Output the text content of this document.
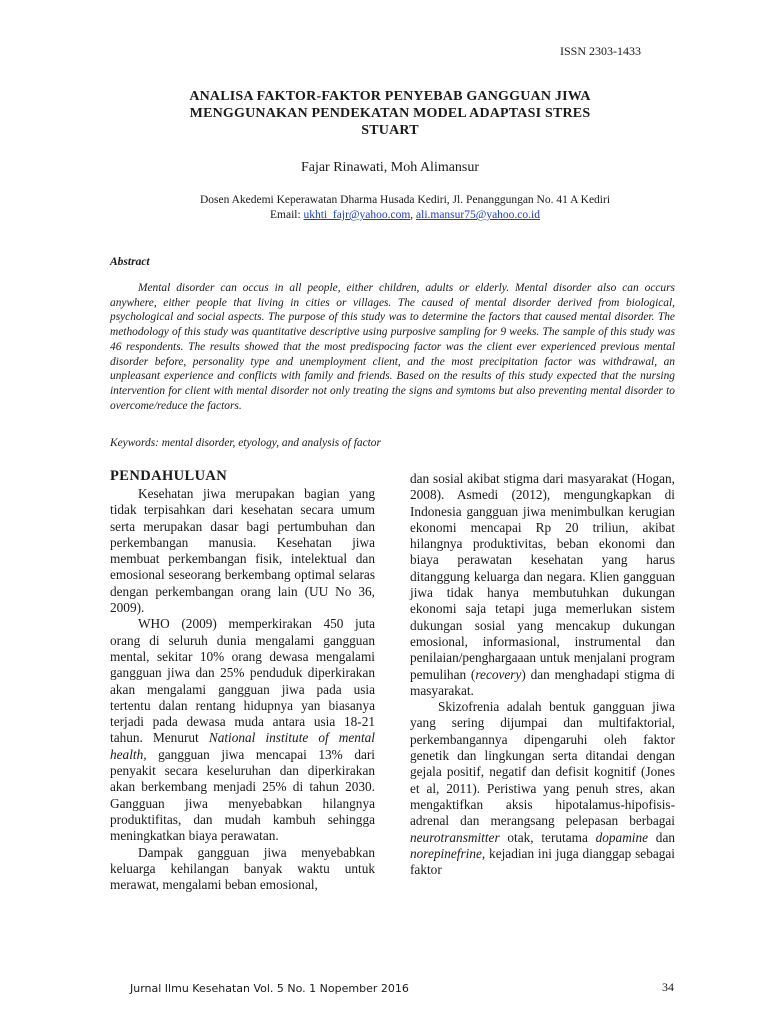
ISSN 2303-1433
ANALISA FAKTOR-FAKTOR PENYEBAB GANGGUAN JIWA
MENGGUNAKAN PENDEKATAN MODEL ADAPTASI STRES
STUART
Fajar Rinawati, Moh Alimansur
Dosen Akedemi Keperawatan Dharma Husada Kediri, Jl. Penanggungan No. 41 A Kediri
Email: ukhti_fajr@yahoo.com, ali.mansur75@yahoo.co.id
Abstract
Mental disorder can occus in all people, either children, adults or elderly. Mental disorder also can occurs anywhere, either people that living in cities or villages. The caused of mental disorder derived from biological, psychological and social aspects. The purpose of this study was to determine the factors that caused mental disorder. The methodology of this study was quantitative descriptive using purposive sampling for 9 weeks. The sample of this study was 46 respondents. The results showed that the most predispocing factor was the client ever experienced previous mental disorder before, personality type and unemployment client, and the most precipitation factor was withdrawal, an unpleasant experience and conflicts with family and friends. Based on the results of this study expected that the nursing intervention for client with mental disorder not only treating the signs and symtoms but also preventing mental disorder to overcome/reduce the factors.
Keywords: mental disorder, etyology, and analysis of factor
PENDAHULUAN

Kesehatan jiwa merupakan bagian yang tidak terpisahkan dari kesehatan secara umum serta merupakan dasar bagi pertumbuhan dan perkembangan manusia. Kesehatan jiwa membuat perkembangan fisik, intelektual dan emosional seseorang berkembang optimal selaras dengan perkembangan orang lain (UU No 36, 2009).

WHO (2009) memperkirakan 450 juta orang di seluruh dunia mengalami gangguan mental, sekitar 10% orang dewasa mengalami gangguan jiwa dan 25% penduduk diperkirakan akan mengalami gangguan jiwa pada usia tertentu dalan rentang hidupnya yan biasanya terjadi pada dewasa muda antara usia 18-21 tahun. Menurut National institute of mental health, gangguan jiwa mencapai 13% dari penyakit secara keseluruhan dan diperkirakan akan berkembang menjadi 25% di tahun 2030. Gangguan jiwa menyebabkan hilangnya produktifitas, dan mudah kambuh sehingga meningkatkan biaya perawatan.

Dampak gangguan jiwa menyebabkan keluarga kehilangan banyak waktu untuk merawat, mengalami beban emosional,

dan sosial akibat stigma dari masyarakat (Hogan, 2008). Asmedi (2012), mengungkapkan di Indonesia gangguan jiwa menimbulkan kerugian ekonomi mencapai Rp 20 triliun, akibat hilangnya produktivitas, beban ekonomi dan biaya perawatan kesehatan yang harus ditanggung keluarga dan negara. Klien gangguan jiwa tidak hanya membutuhkan dukungan ekonomi saja tetapi juga memerlukan sistem dukungan sosial yang mencakup dukungan emosional, informasional, instrumental dan penilaian/penghargaaan untuk menjalani program pemulihan (recovery) dan menghadapi stigma di masyarakat.

Skizofrenia adalah bentuk gangguan jiwa yang sering dijumpai dan multifaktorial, perkembangannya dipengaruhi oleh faktor genetik dan lingkungan serta ditandai dengan gejala positif, negatif dan defisit kognitif (Jones et al, 2011). Peristiwa yang penuh stres, akan mengaktifkan aksis hipotalamus-hipofisis-adrenal dan merangsang pelepasan berbagai neurotransmitter otak, terutama dopamine dan norepinefrine, kejadian ini juga dianggap sebagai faktor

Jurnal Ilmu Kesehatan Vol. 5 No. 1 Nopember 2016	34
